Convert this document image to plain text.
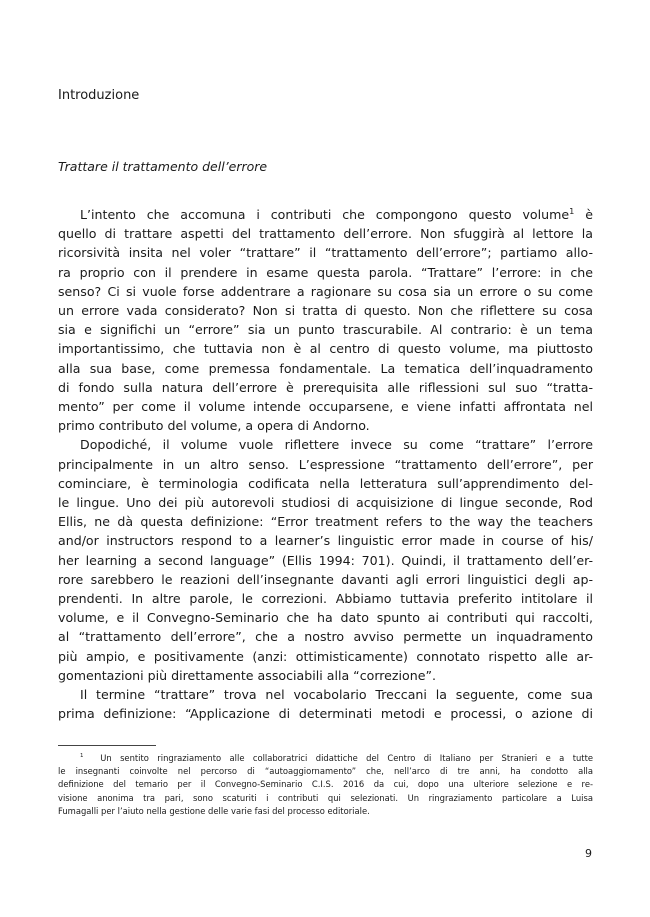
Introduzione
Trattare il trattamento dell’errore
L’intento che accomuna i contributi che compongono questo volume$^1$ è
quello di trattare aspetti del trattamento dell’errore. Non sfuggirà al lettore la
ricorsività insita nel voler “trattare” il “trattamento dell’errore”; partiamo allo-
ra proprio con il prendere in esame questa parola. “Trattare” l’errore: in che
senso? Ci si vuole forse addentrare a ragionare su cosa sia un errore o su come
un errore vada considerato? Non si tratta di questo. Non che riflettere su cosa
sia e significhi un “errore” sia un punto trascurabile. Al contrario: è un tema
importantissimo, che tuttavia non è al centro di questo volume, ma piuttosto
alla sua base, come premessa fondamentale. La tematica dell’inquadramento
di fondo sulla natura dell’errore è prerequisita alle riflessioni sul suo “tratta-
mento” per come il volume intende occuparsene, e viene infatti affrontata nel
primo contributo del volume, a opera di Andorno.
Dopodiché, il volume vuole riflettere invece su come “trattare” l’errore
principalmente in un altro senso. L’espressione “trattamento dell’errore”, per
cominciare, è terminologia codificata nella letteratura sull’apprendimento del-
le lingue. Uno dei più autorevoli studiosi di acquisizione di lingue seconde, Rod
Ellis, ne dà questa definizione: “Error treatment refers to the way the teachers
and/or instructors respond to a learner’s linguistic error made in course of his/
her learning a second language” (Ellis 1994: 701). Quindi, il trattamento dell’er-
rore sarebbero le reazioni dell’insegnante davanti agli errori linguistici degli ap-
prendenti. In altre parole, le correzioni. Abbiamo tuttavia preferito intitolare il
volume, e il Convegno-Seminario che ha dato spunto ai contributi qui raccolti,
al “trattamento dell’errore”, che a nostro avviso permette un inquadramento
più ampio, e positivamente (anzi: ottimisticamente) connotato rispetto alle ar-
gomentazioni più direttamente associabili alla “correzione”.
Il termine “trattare” trova nel vocabolario Treccani la seguente, come sua
prima definizione: “Applicazione di determinati metodi e processi, o azione di
$^1$ Un sentito ringraziamento alle collaboratrici didattiche del Centro di Italiano per Stranieri e a tutte
le insegnanti coinvolte nel percorso di “autoaggiornamento” che, nell’arco di tre anni, ha condotto alla
definizione del temario per il Convegno-Seminario C.I.S. 2016 da cui, dopo una ulteriore selezione e re-
visione anonima tra pari, sono scaturiti i contributi qui selezionati. Un ringraziamento particolare a Luisa
Fumagalli per l’aiuto nella gestione delle varie fasi del processo editoriale.
9
